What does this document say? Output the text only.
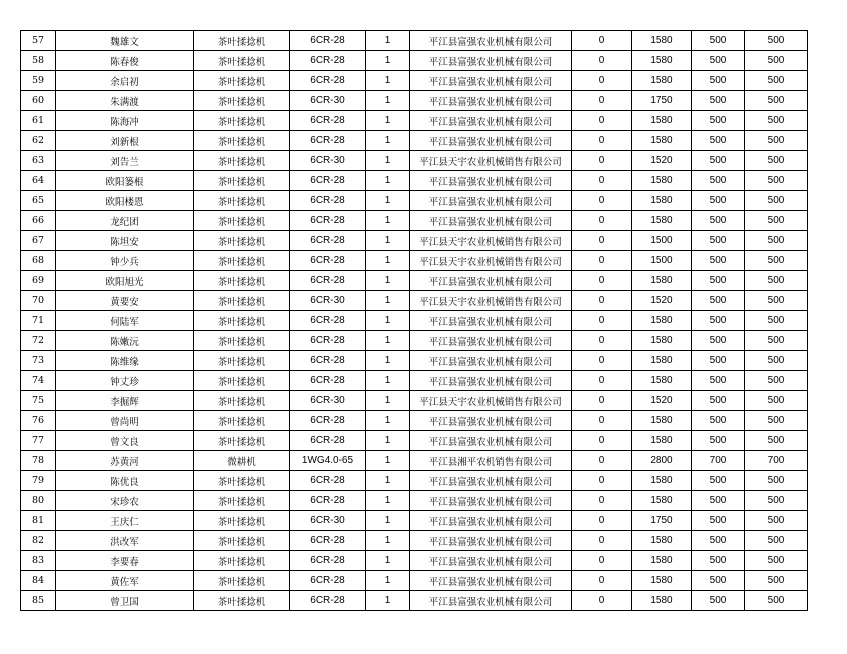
57	魏雄文	茶叶揉捻机	6CR-28	1	平江县富强农业机械有限公司	0	1580	500	500
58	陈春俊	茶叶揉捻机	6CR-28	1	平江县富强农业机械有限公司	0	1580	500	500
59	余启初	茶叶揉捻机	6CR-28	1	平江县富强农业机械有限公司	0	1580	500	500
60	朱满渡	茶叶揉捻机	6CR-30	1	平江县富强农业机械有限公司	0	1750	500	500
61	陈海冲	茶叶揉捻机	6CR-28	1	平江县富强农业机械有限公司	0	1580	500	500
62	刘新根	茶叶揉捻机	6CR-28	1	平江县富强农业机械有限公司	0	1580	500	500
63	刘告兰	茶叶揉捻机	6CR-30	1	平江县天宇农业机械销售有限公司	0	1520	500	500
64	欧阳篓根	茶叶揉捻机	6CR-28	1	平江县富强农业机械有限公司	0	1580	500	500
65	欧阳楼恩	茶叶揉捻机	6CR-28	1	平江县富强农业机械有限公司	0	1580	500	500
66	龙纪团	茶叶揉捻机	6CR-28	1	平江县富强农业机械有限公司	0	1580	500	500
67	陈坦安	茶叶揉捻机	6CR-28	1	平江县天宇农业机械销售有限公司	0	1500	500	500
68	钟少兵	茶叶揉捻机	6CR-28	1	平江县天宇农业机械销售有限公司	0	1500	500	500
69	欧阳旭光	茶叶揉捻机	6CR-28	1	平江县富强农业机械有限公司	0	1580	500	500
70	黄要安	茶叶揉捻机	6CR-30	1	平江县天宇农业机械销售有限公司	0	1520	500	500
71	何陆军	茶叶揉捻机	6CR-28	1	平江县富强农业机械有限公司	0	1580	500	500
72	陈嫩沅	茶叶揉捻机	6CR-28	1	平江县富强农业机械有限公司	0	1580	500	500
73	陈维缘	茶叶揉捻机	6CR-28	1	平江县富强农业机械有限公司	0	1580	500	500
74	钟丈珍	茶叶揉捻机	6CR-28	1	平江县富强农业机械有限公司	0	1580	500	500
75	李掘辉	茶叶揉捻机	6CR-30	1	平江县天宇农业机械销售有限公司	0	1520	500	500
76	曾尚明	茶叶揉捻机	6CR-28	1	平江县富强农业机械有限公司	0	1580	500	500
77	曾文良	茶叶揉捻机	6CR-28	1	平江县富强农业机械有限公司	0	1580	500	500
78	苏黄河	微耕机	1WG4.0-65	1	平江县湘平农机销售有限公司	0	2800	700	700
79	陈优良	茶叶揉捻机	6CR-28	1	平江县富强农业机械有限公司	0	1580	500	500
80	宋珍农	茶叶揉捻机	6CR-28	1	平江县富强农业机械有限公司	0	1580	500	500
81	王庆仁	茶叶揉捻机	6CR-30	1	平江县富强农业机械有限公司	0	1750	500	500
82	洪改军	茶叶揉捻机	6CR-28	1	平江县富强农业机械有限公司	0	1580	500	500
83	李要春	茶叶揉捻机	6CR-28	1	平江县富强农业机械有限公司	0	1580	500	500
84	黄佐军	茶叶揉捻机	6CR-28	1	平江县富强农业机械有限公司	0	1580	500	500
85	曾卫国	茶叶揉捻机	6CR-28	1	平江县富强农业机械有限公司	0	1580	500	500
